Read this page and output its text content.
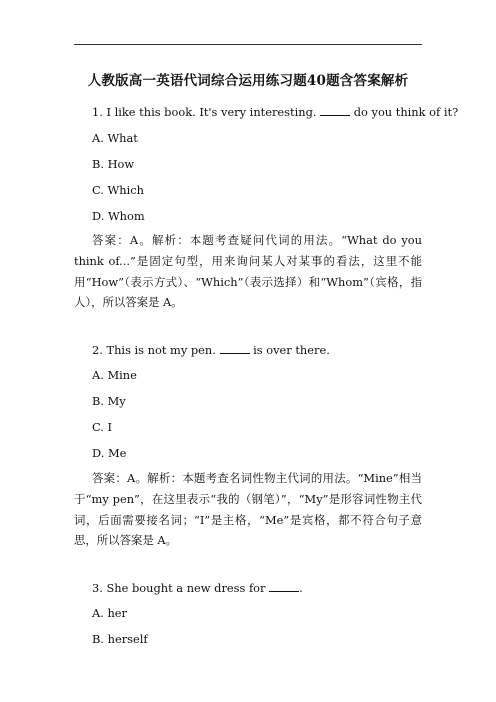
人教版高一英语代词综合运用练习题40题含答案解析
1. I like this book. It's very interesting.	do you think of it?
A. What
B. How
C. Which
D. Whom

答案：A。解析：本题考查疑问代词的用法。“What do you think of...”是固定句型，用来询问某人对某事的看法，这里不能用“How”（表示方式）、“Which”（表示选择）和“Whom”（宾格，指人），所以答案是 A。

2. This is not my pen.	is over there.
A. Mine
B. My
C. I
D. Me

答案：A。解析：本题考查名词性物主代词的用法。“Mine”相当于“my pen”，在这里表示“我的（钢笔）”，“My”是形容词性物主代词，后面需要接名词；“I”是主格，“Me”是宾格，都不符合句子意思，所以答案是 A。

3. She bought a new dress for	.
A. her
B. herself
